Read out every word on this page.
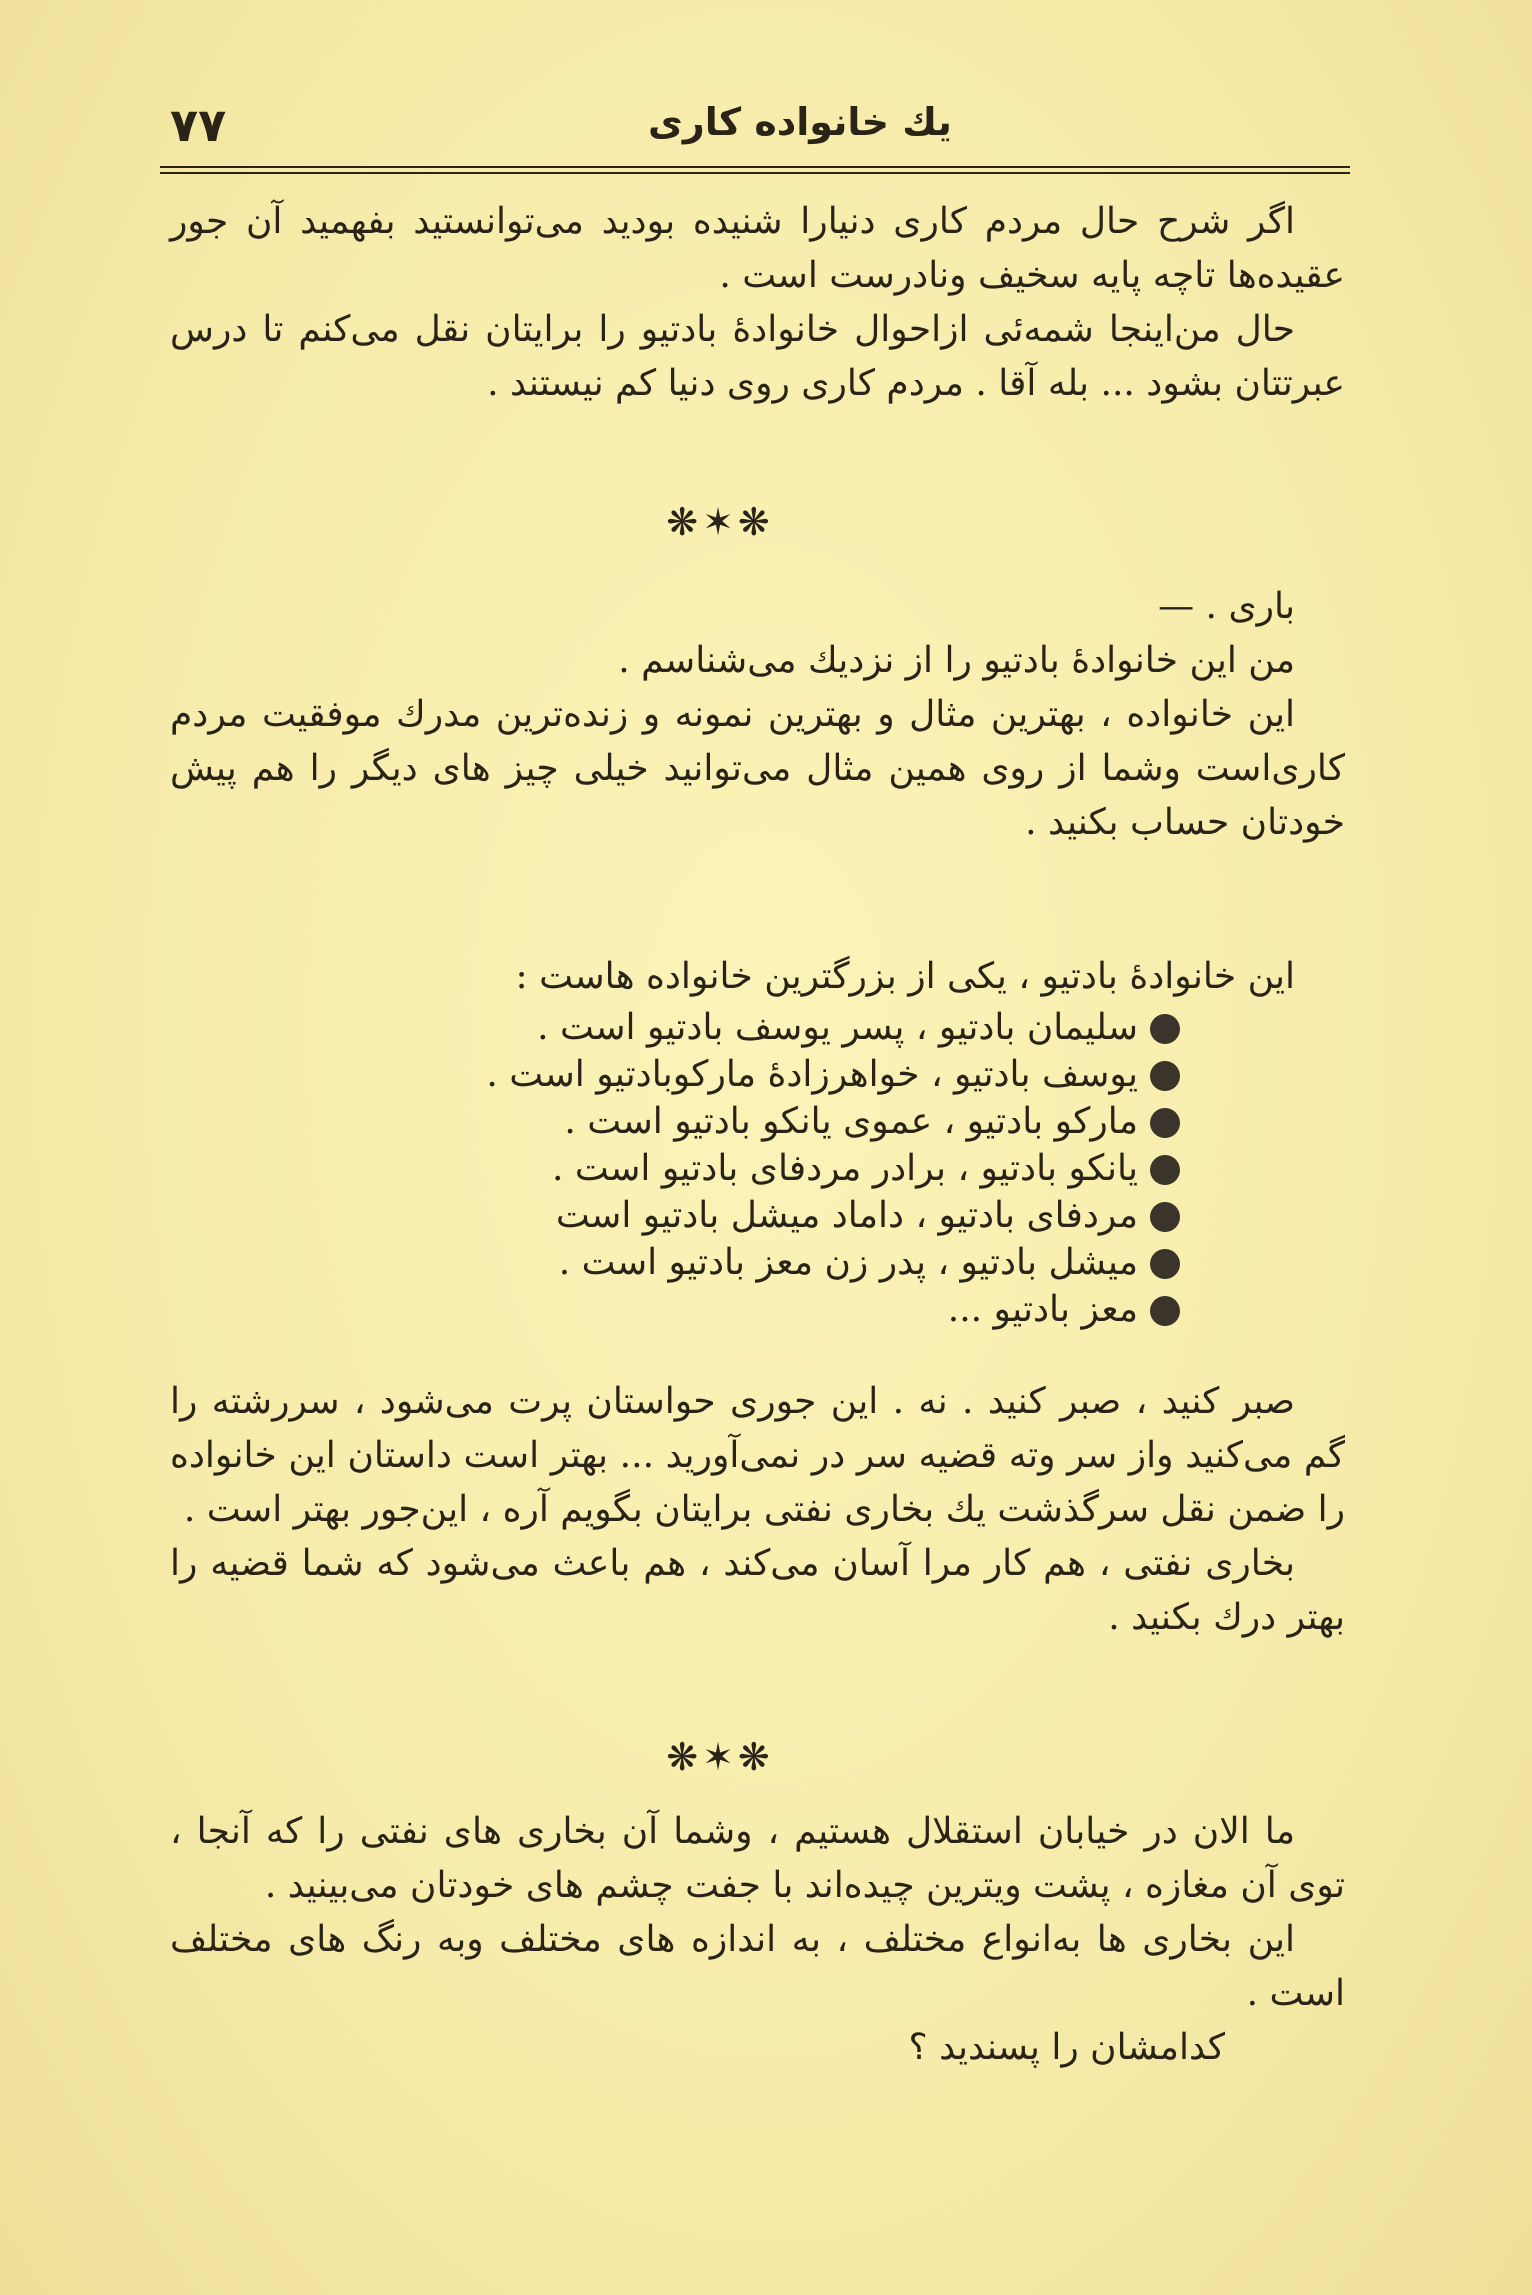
۷۷	يك خانواده كارى

اگر شرح حال مردم كارى دنيارا شنيده بوديد مى‌توانستيد بفهميد آن جور عقيده‌ها تاچه پايه سخيف ونادرست است .

حال من‌اينجا شمه‌ئى ازاحوال خانوادهٔ بادتيو را برايتان نقل مى‌كنم تا درس عبرتتان بشود ... بله آقا . مردم كارى روى دنيا كم نيستند .

❋✶❋

بارى . —

من اين خانوادهٔ بادتيو را از نزديك مى‌شناسم .

اين خانواده ، بهترين مثال و بهترين نمونه و زنده‌ترين مدرك موفقيت مردم كارى‌است وشما از روى همين مثال مى‌توانيد خيلى چيز هاى ديگر را هم پيش خودتان حساب بكنيد .

اين خانوادهٔ بادتيو ، يكى از بزرگترين خانواده هاست :

سليمان بادتيو ، پسر يوسف بادتيو است .
يوسف بادتيو ، خواهرزادهٔ ماركوبادتيو است .
ماركو بادتيو ، عموى يانكو بادتيو است .
يانكو بادتيو ، برادر مردفاى بادتيو است .
مردفاى بادتيو ، داماد ميشل بادتيو است
ميشل بادتيو ، پدر زن معز بادتيو است .
معز بادتيو ...

صبر كنيد ، صبر كنيد . نه . اين جورى حواستان پرت مى‌شود ، سررشته را گم مى‌كنيد واز سر وته قضيه سر در نمى‌آوريد ... بهتر است داستان اين خانواده را ضمن نقل سرگذشت يك بخارى نفتى برايتان بگويم آره ، اين‌جور بهتر است .

بخارى نفتى ، هم كار مرا آسان مى‌كند ، هم باعث مى‌شود كه شما قضيه را بهتر درك بكنيد .

❋✶❋

ما الان در خيابان استقلال هستيم ، وشما آن بخارى هاى نفتى را كه آنجا ، توى آن مغازه ، پشت ويترين چيده‌اند با جفت چشم هاى خودتان مى‌بينيد .

اين بخارى ها به‌انواع مختلف ، به اندازه هاى مختلف وبه رنگ هاى مختلف است .

كدامشان را پسنديد ؟
